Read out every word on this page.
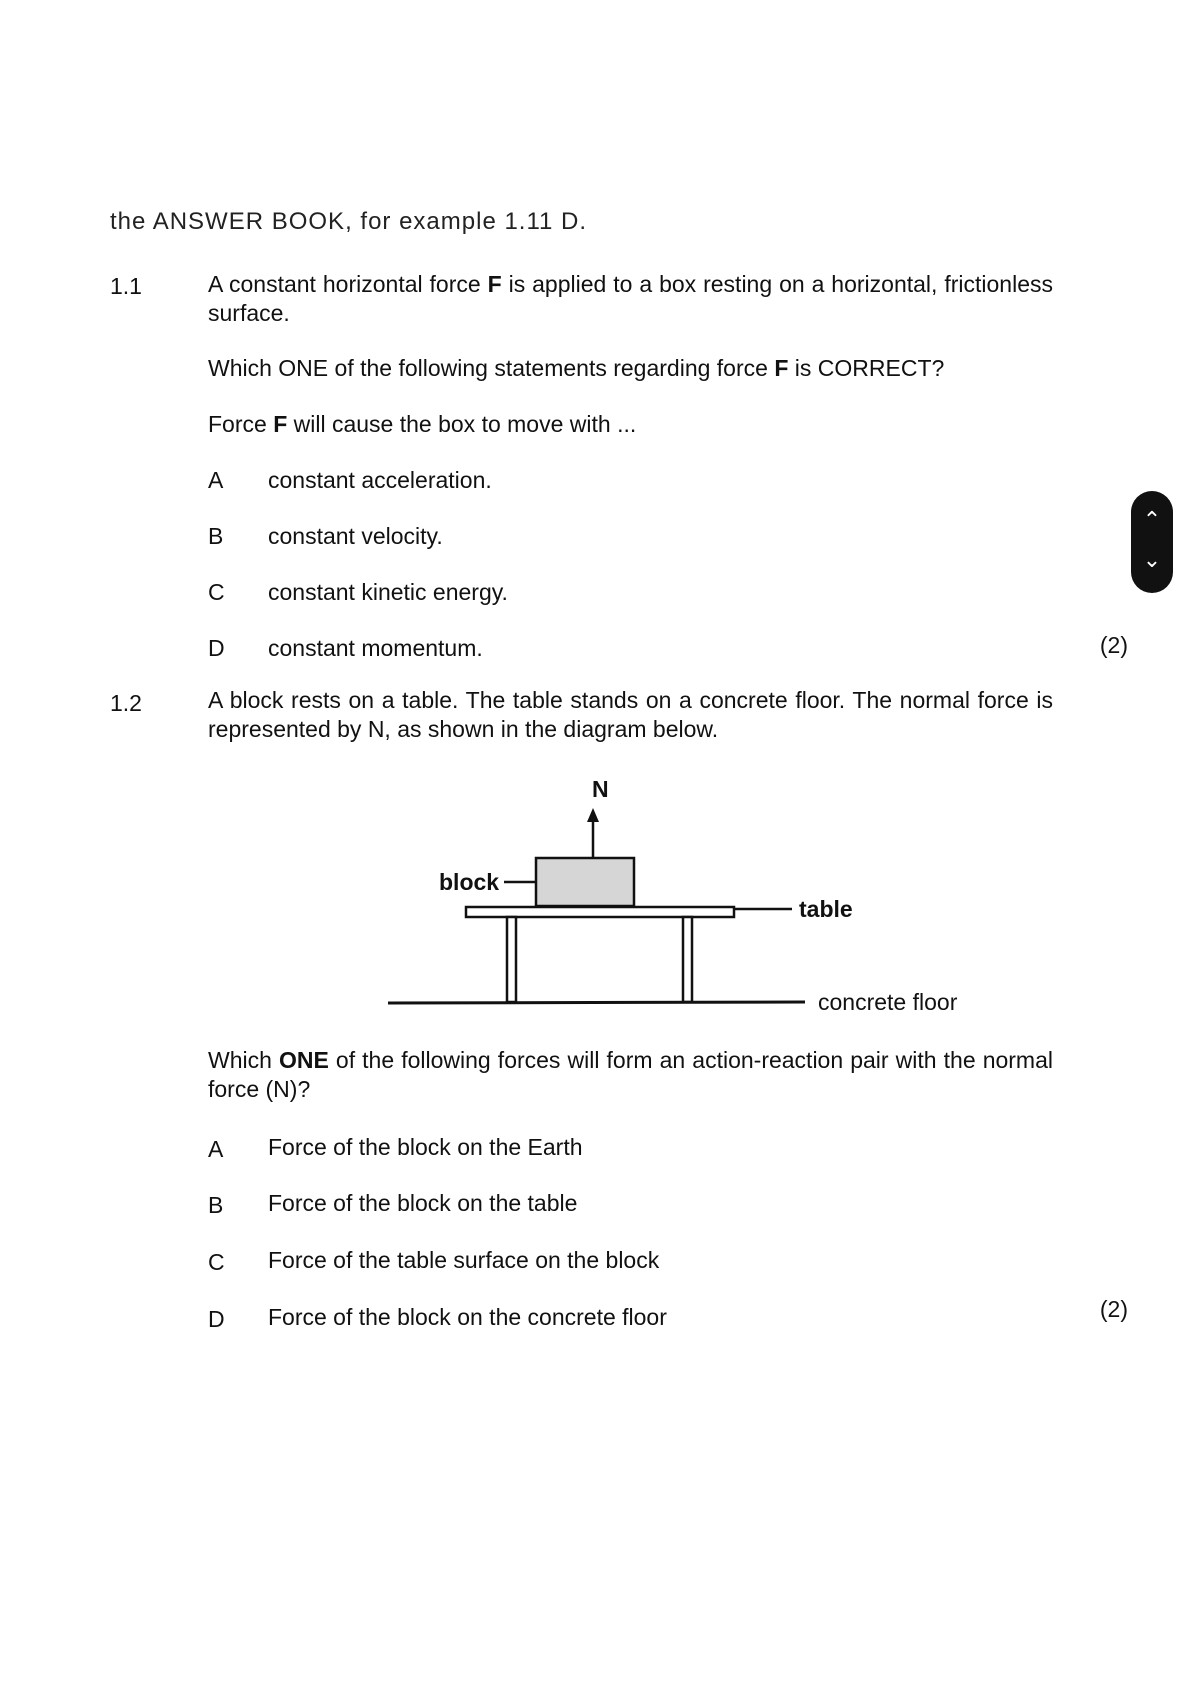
the ANSWER BOOK, for example 1.11 D.
1.1	A constant horizontal force F is applied to a box resting on a horizontal, frictionless surface.
Which ONE of the following statements regarding force F is CORRECT?
Force F will cause the box to move with ...
A constant acceleration.
B constant velocity.
C constant kinetic energy.
D constant momentum.	(2)
1.2	A block rests on a table. The table stands on a concrete floor. The normal force is represented by N, as shown in the diagram below.
N
block
table
concrete floor
Which ONE of the following forces will form an action-reaction pair with the normal force (N)?
A Force of the block on the Earth
B Force of the block on the table
C Force of the table surface on the block
D Force of the block on the concrete floor	(2)
⌃
⌄
